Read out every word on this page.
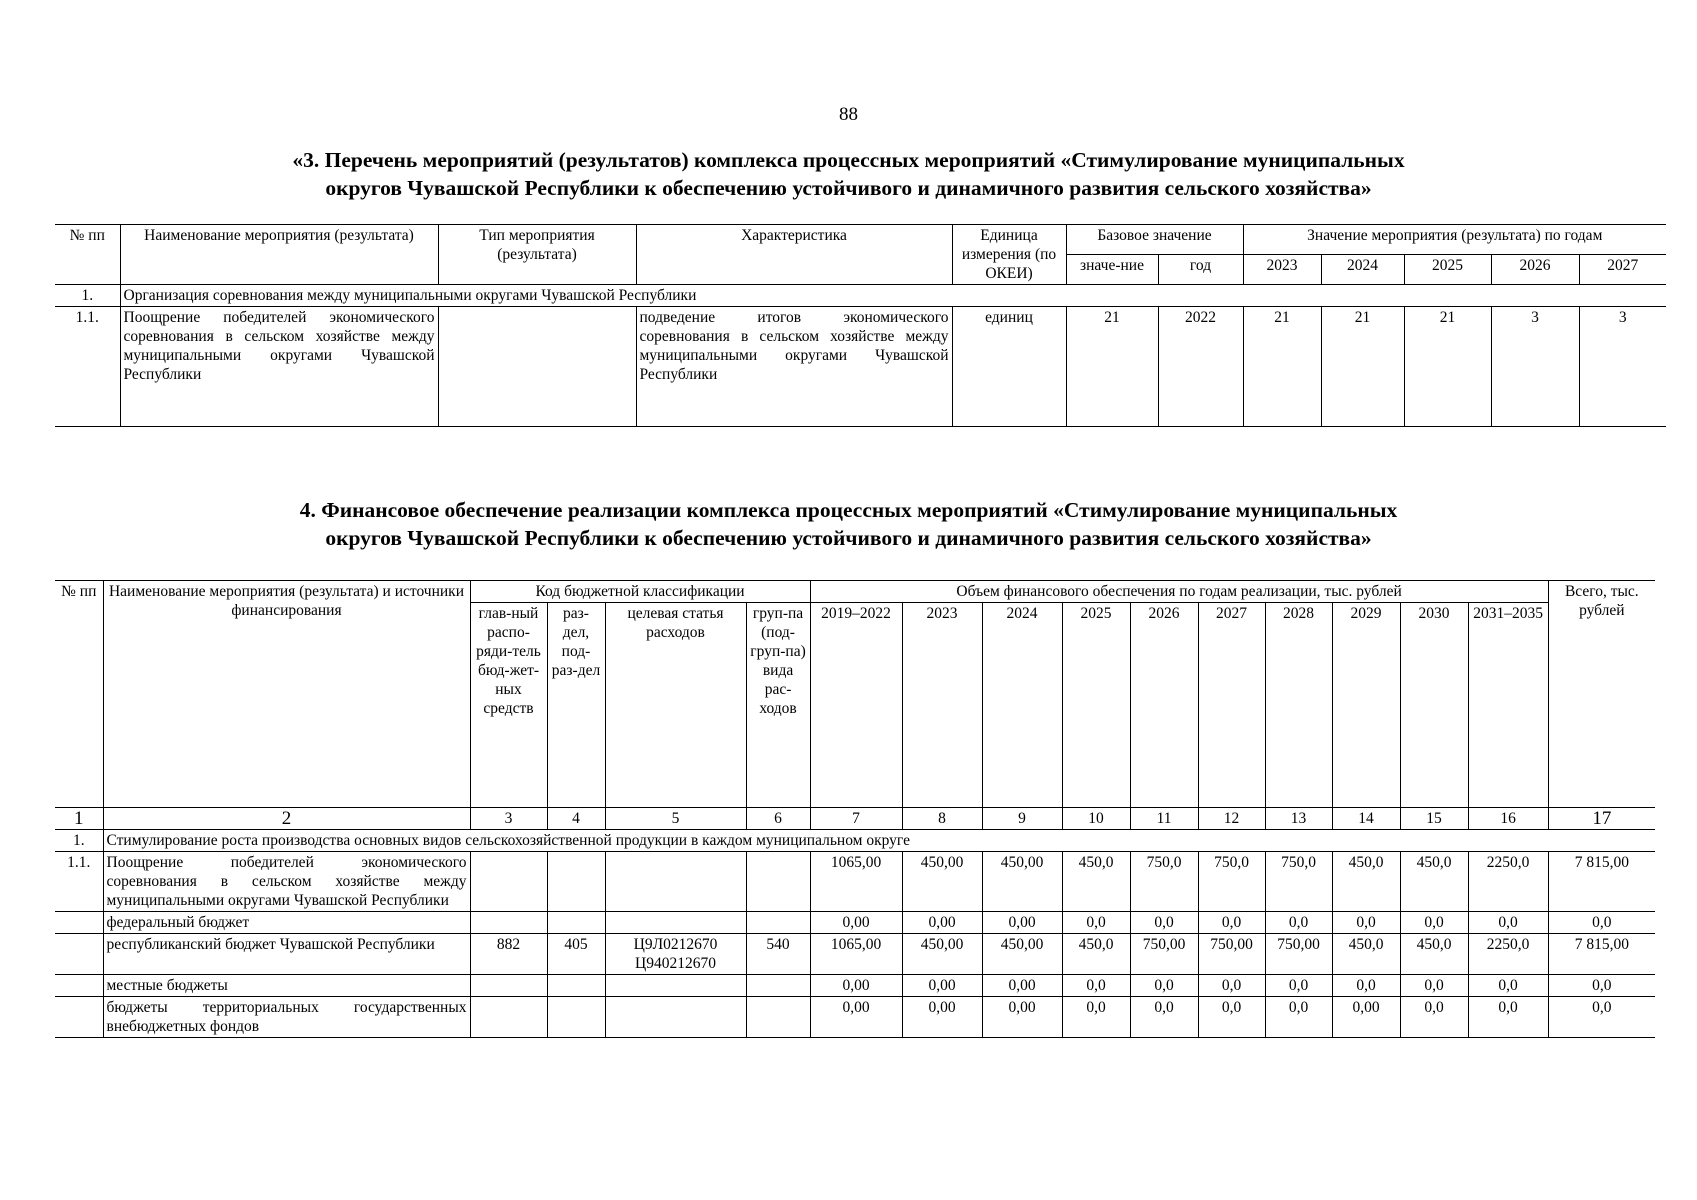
88
«3. Перечень мероприятий (результатов) комплекса процессных мероприятий «Стимулирование муниципальных
округов Чувашской Республики к обеспечению устойчивого и динамичного развития сельского хозяйства»
№ пп	Наименование мероприятия (результата)	Тип мероприятия (результата)	Характеристика	Единица измерения (по ОКЕИ)	Базовое значение		Значение мероприятия (результата) по годам				

					значе-ние	год	2023	2024	2025	2026	2027
1.	Организация соревнования между муниципальными округами Чувашской Республики										
1.1.	Поощрение победителей экономического соревнования в сельском хозяйстве между муниципальными округами Чувашской Республики		подведение итогов экономического соревнования в сельском хозяйстве между муниципальными округами Чувашской Республики	единиц	21	2022	21	21	21	3	3
4. Финансовое обеспечение реализации комплекса процессных мероприятий «Стимулирование муниципальных
округов Чувашской Республики к обеспечению устойчивого и динамичного развития сельского хозяйства»
№ пп	Наименование мероприятия (результата) и источники финансирования	Код бюджетной классификации				Объем финансового обеспечения по годам реализации, тыс. рублей										Всего, тыс. рублей
		глав-ный распо-ряди-тель бюд-жет-ных средств	раз-дел, под-раз-дел	целевая статья расходов	груп-па (под-груп-па) вида рас-ходов	2019–2022	2023	2024	2025	2026	2027	2028	2029	2030	2031–2035	
1	2	3	4	5	6	7	8	9	10	11	12	13	14	15	16	17
1.	Стимулирование роста производства основных видов сельскохозяйственной продукции в каждом муниципальном округе															
1.1.	Поощрение победителей экономического соревнования в сельском хозяйстве между муниципальными округами Чувашской Республики					1065,00	450,00	450,00	450,0	750,0	750,0	750,0	450,0	450,0	2250,0	7 815,00
	федеральный бюджет					0,00	0,00	0,00	0,0	0,0	0,0	0,0	0,0	0,0	0,0	0,0
	республиканский бюджет Чувашской Республики	882	405	Ц9Л0212670 Ц940212670	540	1065,00	450,00	450,00	450,0	750,00	750,00	750,00	450,0	450,0	2250,0	7 815,00
	местные бюджеты					0,00	0,00	0,00	0,0	0,0	0,0	0,0	0,0	0,0	0,0	0,0
	бюджеты территориальных государственных внебюджетных фондов					0,00	0,00	0,00	0,0	0,0	0,0	0,0	0,00	0,0	0,0	0,0
